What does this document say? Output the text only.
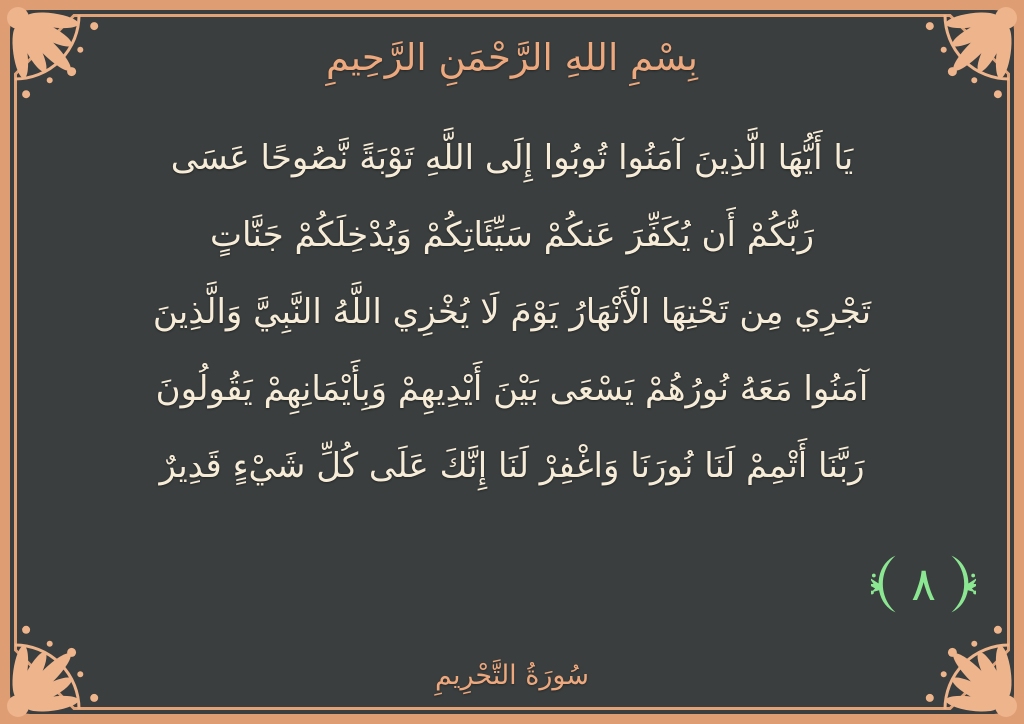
بِسْمِ اللهِ الرَّحْمَنِ الرَّحِيمِ
يَا أَيُّهَا الَّذِينَ آمَنُوا تُوبُوا إِلَى اللَّهِ تَوْبَةً نَّصُوحًا عَسَى
رَبُّكُمْ أَن يُكَفِّرَ عَنكُمْ سَيِّئَاتِكُمْ وَيُدْخِلَكُمْ جَنَّاتٍ
تَجْرِي مِن تَحْتِهَا الْأَنْهَارُ يَوْمَ لَا يُخْزِي اللَّهُ النَّبِيَّ وَالَّذِينَ
آمَنُوا مَعَهُ نُورُهُمْ يَسْعَى بَيْنَ أَيْدِيهِمْ وَبِأَيْمَانِهِمْ يَقُولُونَ
رَبَّنَا أَتْمِمْ لَنَا نُورَنَا وَاغْفِرْ لَنَا إِنَّكَ عَلَى كُلِّ شَيْءٍ قَدِيرٌ
٨
سُورَةُ التَّحْرِيمِ
